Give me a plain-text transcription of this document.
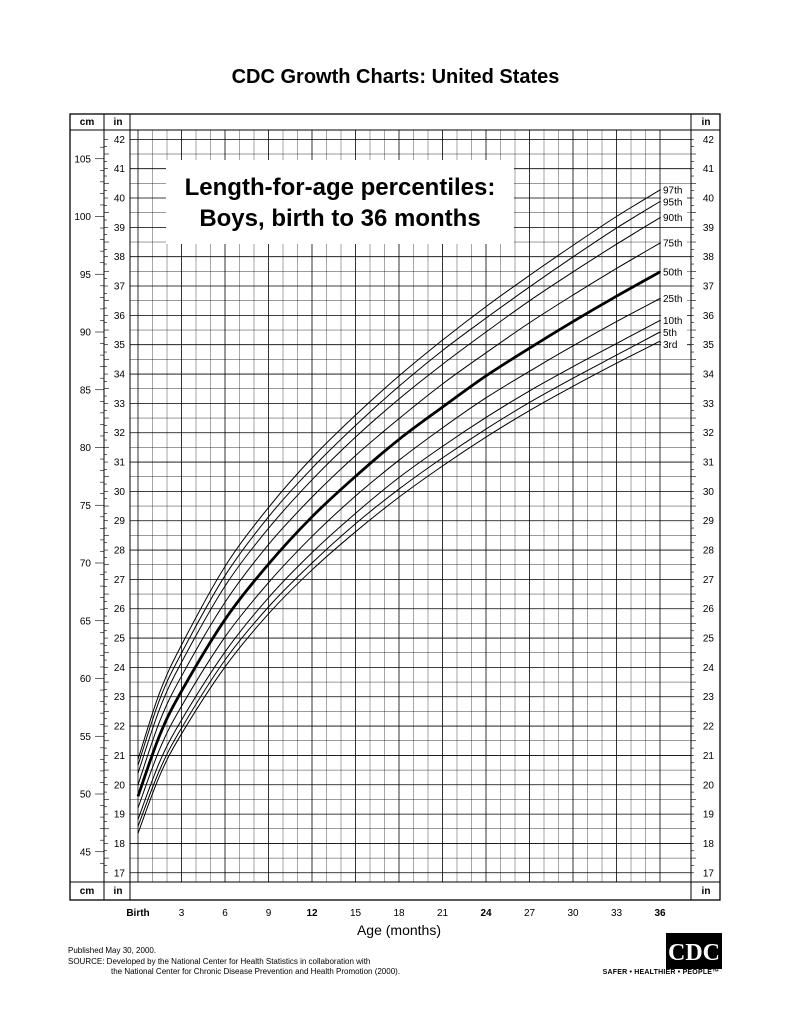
CDC Growth Charts: United States
45
50
55
60
65
70
75
80
85
90
95
100
105
17	17
18	18
19	19
20	20
21	21
22	22
23	23
24	24
25	25
26	26
27	27
28	28
29	29
30	30
31	31
32	32
33	33
34	34
35	35
36	36
37	37
38	38
39	39
40	40
41	41
42	42
cm in	in
cm in	in
Birth	3	6	9	12	15	18	21	24	27	30	33	36
Age (months)
97th
95th
90th
75th
50th
25th
10th
5th
3rd
Length-for-age percentiles:
Boys, birth to 36 months
Published May 30, 2000.
SOURCE: Developed by the National Center for Health Statistics in collaboration with
the National Center for Chronic Disease Prevention and Health Promotion (2000).
CDC
SAFER • HEALTHIER • PEOPLE™
